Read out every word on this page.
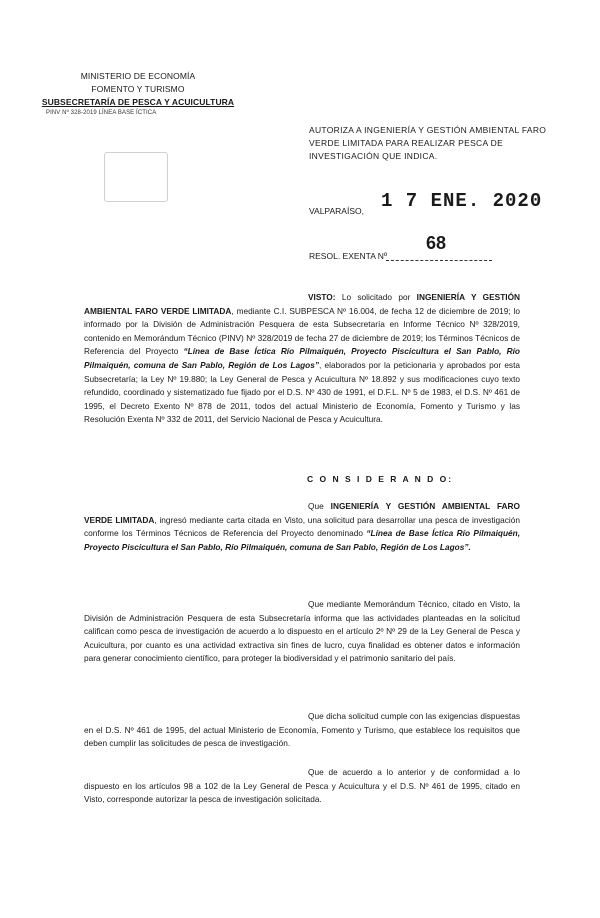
MINISTERIO DE ECONOMÍA
FOMENTO Y TURISMO
SUBSECRETARÍA DE PESCA Y ACUICULTURA
PINV Nº 328-2019 LÍNEA BASE ÍCTICA

AUTORIZA A INGENIERÍA Y GESTIÓN AMBIENTAL FARO VERDE LIMITADA PARA REALIZAR PESCA DE INVESTIGACIÓN QUE INDICA.
VALPARAÍSO, 1 7 ENE. 2020
RESOL. EXENTA Nº
68
VISTO: Lo solicitado por INGENIERÍA Y GESTIÓN AMBIENTAL FARO VERDE LIMITADA, mediante C.I. SUBPESCA Nº 16.004, de fecha 12 de diciembre de 2019; lo informado por la División de Administración Pesquera de esta Subsecretaría en Informe Técnico Nº 328/2019, contenido en Memorándum Técnico (PINV) Nº 328/2019 de fecha 27 de diciembre de 2019; los Términos Técnicos de Referencia del Proyecto “Línea de Base Íctica Río Pilmaiquén, Proyecto Piscicultura el San Pablo, Río Pilmaiquén, comuna de San Pablo, Región de Los Lagos”, elaborados por la peticionaria y aprobados por esta Subsecretaría; la Ley Nº 19.880; la Ley General de Pesca y Acuicultura Nº 18.892 y sus modificaciones cuyo texto refundido, coordinado y sistematizado fue fijado por el D.S. Nº 430 de 1991, el D.F.L. Nº 5 de 1983, el D.S. Nº 461 de 1995, el Decreto Exento Nº 878 de 2011, todos del actual Ministerio de Economía, Fomento y Turismo y las Resolución Exenta Nº 332 de 2011, del Servicio Nacional de Pesca y Acuicultura.
C O N S I D E R A N D O:
Que INGENIERÍA Y GESTIÓN AMBIENTAL FARO VERDE LIMITADA, ingresó mediante carta citada en Visto, una solicitud para desarrollar una pesca de investigación conforme los Términos Técnicos de Referencia del Proyecto denominado “Línea de Base Íctica Río Pilmaiquén, Proyecto Piscicultura el San Pablo, Río Pilmaiquén, comuna de San Pablo, Región de Los Lagos”.
Que mediante Memorándum Técnico, citado en Visto, la División de Administración Pesquera de esta Subsecretaría informa que las actividades planteadas en la solicitud califican como pesca de investigación de acuerdo a lo dispuesto en el artículo 2º Nº 29 de la Ley General de Pesca y Acuicultura, por cuanto es una actividad extractiva sin fines de lucro, cuya finalidad es obtener datos e información para generar conocimiento científico, para proteger la biodiversidad y el patrimonio sanitario del país.
Que dicha solicitud cumple con las exigencias dispuestas en el D.S. Nº 461 de 1995, del actual Ministerio de Economía, Fomento y Turismo, que establece los requisitos que deben cumplir las solicitudes de pesca de investigación.
Que de acuerdo a lo anterior y de conformidad a lo dispuesto en los artículos 98 a 102 de la Ley General de Pesca y Acuicultura y el D.S. Nº 461 de 1995, citado en Visto, corresponde autorizar la pesca de investigación solicitada.
